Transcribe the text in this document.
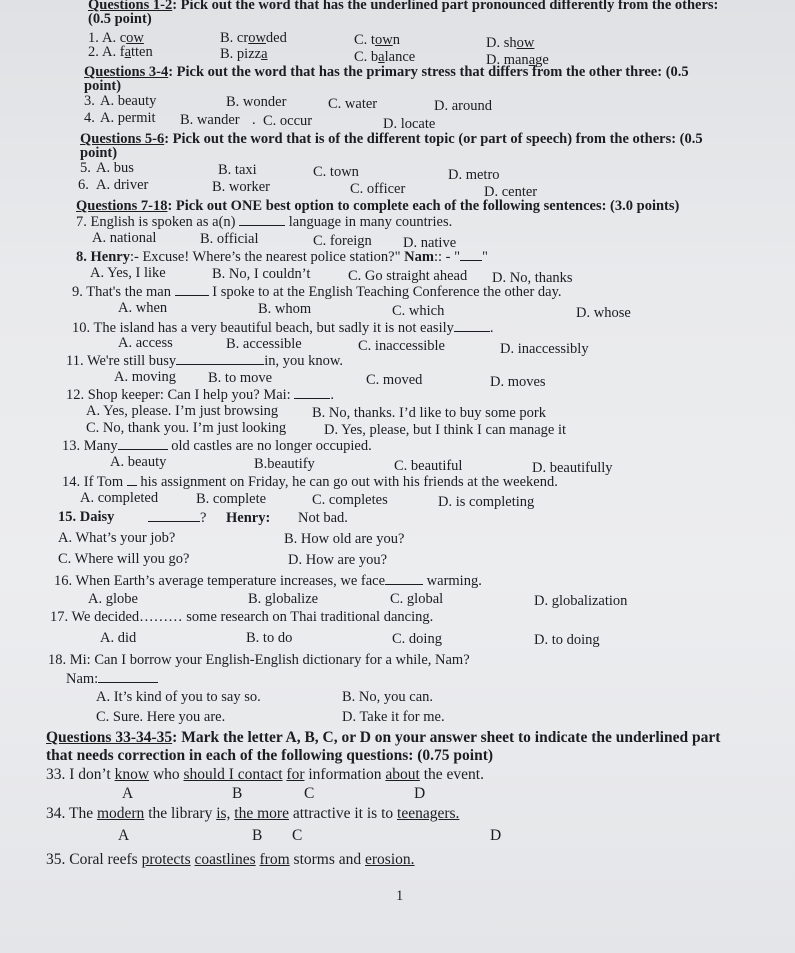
Questions 1-2: Pick out the word that has the underlined part pronounced differently from the others:
(0.5 point)
1. A. cow	B. crowded	C. town	D. show
2. A. fatten	B. pizza	C. balance	D. manage
Questions 3-4: Pick out the word that has the primary stress that differs from the other three: (0.5
point)
3. A. beauty	B. wonder	C. water	D. around
4. A. permit B. wander . C. occur	D. locate
Questions 5-6: Pick out the word that is of the different topic (or part of speech) from the others: (0.5
point)
5. A. bus	B. taxi	C. town	D. metro
6. A. driver	B. worker	C. officer	D. center
Questions 7-18: Pick out ONE best option to complete each of the following sentences: (3.0 points)
7. English is spoken as a(n)	language in many countries.
A. national	B. official	C. foreign D. native
8. Henry:- Excuse! Where’s the nearest police station?" Nam:: - " "
A. Yes, I like	B. No, I couldn’t	C. Go straight ahead D. No, thanks
9. That's the man	I spoke to at the English Teaching Conference the other day.
A. when	B. whom	C. which	D. whose
10. The island has a very beautiful beach, but sadly it is not easily .
A. access	B. accessible	C. inaccessible	D. inaccessibly
11. We're still busy	in, you know.
A. moving B. to move	C. moved	D. moves
12. Shop keeper: Can I help you? Mai:	.
A. Yes, please. I’m just browsing B. No, thanks. I’d like to buy some pork
C. No, thank you. I’m just looking	D. Yes, please, but I think I can manage it
13. Many	old castles are no longer occupied.
A. beauty	B.beautify	C. beautiful	D. beautifully
14. If Tom his assignment on Friday, he can go out with his friends at the weekend.
A. completed	B. complete	C. completes	D. is completing
15. Daisy	? Henry: Not bad.
A. What’s your job?	B. How old are you?
C. Where will you go?	D. How are you?
16. When Earth’s average temperature increases, we face	warming.
A. globe	B. globalize	C. global	D. globalization
17. We decided……… some research on Thai traditional dancing.
A. did	B. to do	C. doing	D. to doing
18. Mi: Can I borrow your English-English dictionary for a while, Nam?
Nam:
A. It’s kind of you to say so.	B. No, you can.
C. Sure. Here you are.	D. Take it for me.
Questions 33-34-35: Mark the letter A, B, C, or D on your answer sheet to indicate the underlined part
that needs correction in each of the following questions: (0.75 point)
33. I don’t know who should I contact for information about the event.
A	B	C	D
34. The modern the library is, the more attractive it is to teenagers.
A	B C	D
35. Coral reefs protects coastlines from storms and erosion.
1
